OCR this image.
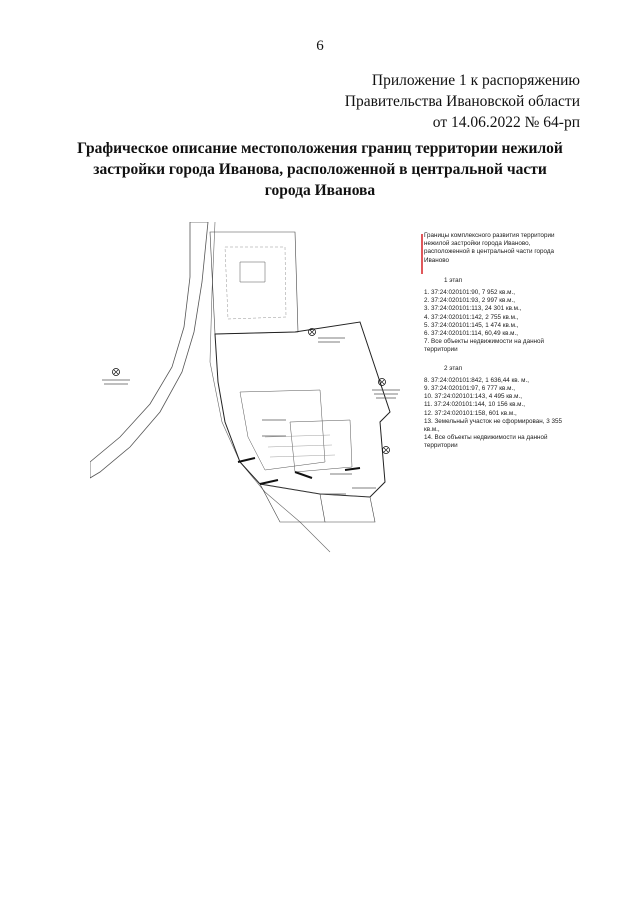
6
Приложение 1 к распоряжению
Правительства Ивановской области
от 14.06.2022 № 64-рп
Графическое описание местоположения границ территории нежилой
застройки города Иванова, расположенной в центральной части
города Иванова
Границы комплексного развития территории нежилой застройки города Иваново, расположенной в центральной части города Иваново
1 этап
1. 37:24:020101:90, 7 952 кв.м.,
2. 37:24:020101:93, 2 997 кв.м.,
3. 37:24:020101:113, 24 301 кв.м.,
4. 37:24:020101:142, 2 755 кв.м.,
5. 37:24:020101:145, 1 474 кв.м.,
6. 37:24:020101:114, 60,49 кв.м.,
7. Все объекты недвижимости на данной территории
2 этап
8. 37:24:020101:842, 1 636,44 кв. м.,
9. 37:24:020101:97, 6 777 кв.м.,
10. 37:24:020101:143, 4 495 кв.м.,
11. 37:24:020101:144, 10 156 кв.м.,
12. 37:24:020101:158, 601 кв.м.,
13. Земельный участок не сформирован, 3 355 кв.м.,
14. Все объекты недвижимости на данной территории
